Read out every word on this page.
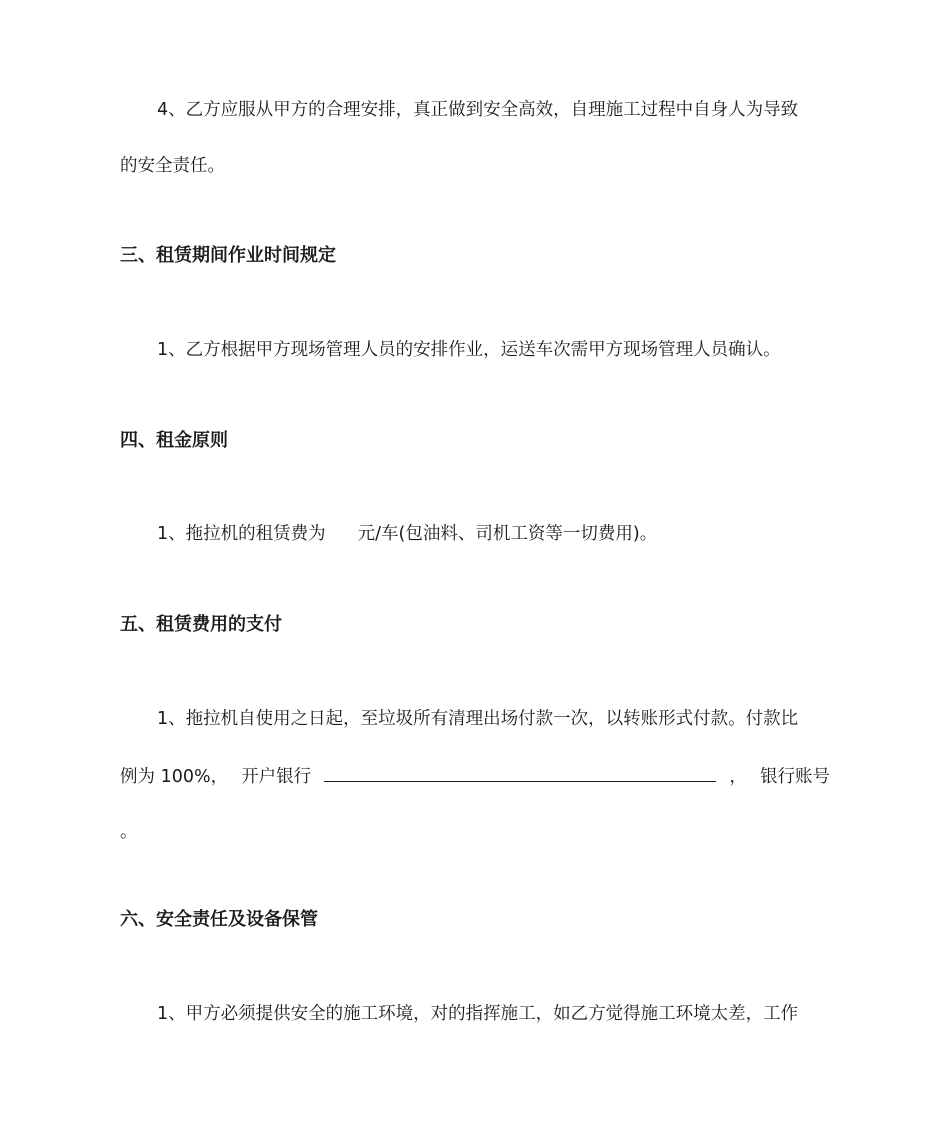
4、乙方应服从甲方的合理安排，真正做到安全高效，自理施工过程中自身人为导致
的安全责任。
三、租赁期间作业时间规定
1、乙方根据甲方现场管理人员的安排作业，运送车次需甲方现场管理人员确认。
四、租金原则
1、拖拉机的租赁费为 元/车(包油料、司机工资等一切费用)。
五、租赁费用的支付
1、拖拉机自使用之日起，至垃圾所有清理出场付款一次，以转账形式付款。付款比
例为 100%， 开户银行	， 银行账号
。
六、安全责任及设备保管
1、甲方必须提供安全的施工环境，对的指挥施工，如乙方觉得施工环境太差，工作
